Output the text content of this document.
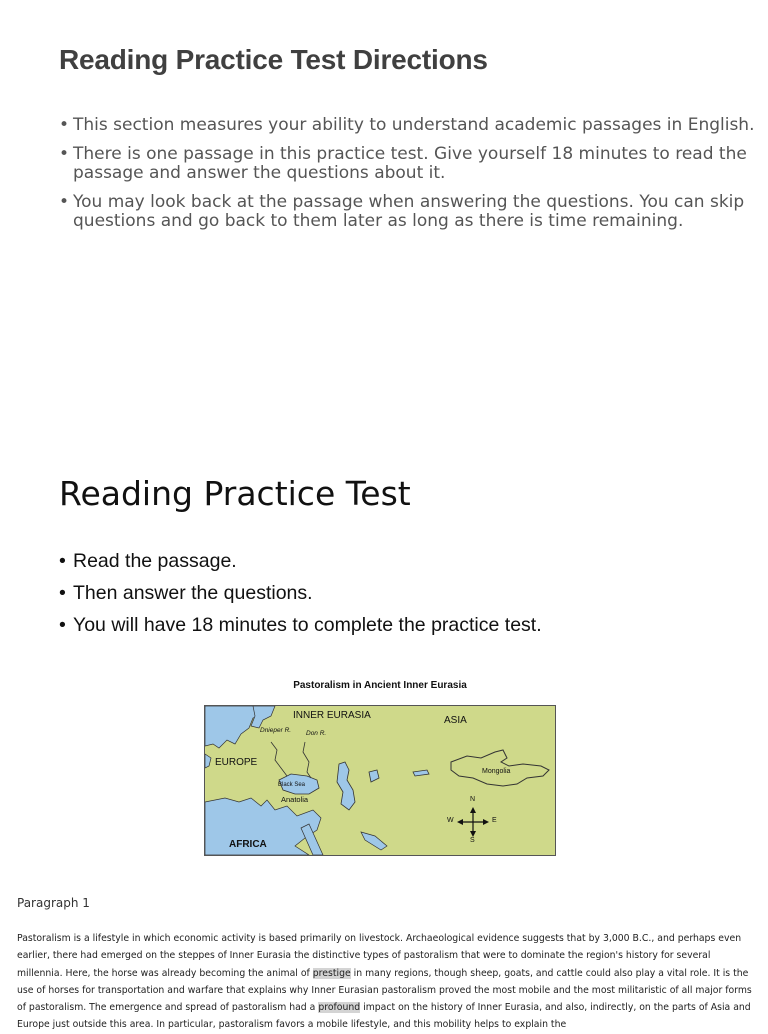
Reading Practice Test Directions
• This section measures your ability to understand academic passages in English.
• There is one passage in this practice test. Give yourself 18 minutes to read the passage and answer the questions about it.
• You may look back at the passage when answering the questions. You can skip questions and go back to them later as long as there is time remaining.
Reading Practice Test
• Read the passage.
• Then answer the questions.
• You will have 18 minutes to complete the practice test.
Pastoralism in Ancient Inner Eurasia
INNER EURASIA	ASIA
EUROPE
AFRICA
Dnieper R. Don R.
Black Sea
Anatolia
Mongolia
N
S
W	E
Paragraph 1

Pastoralism is a lifestyle in which economic activity is based primarily on livestock. Archaeological evidence suggests that by 3,000 B.C., and perhaps even earlier, there had emerged on the steppes of Inner Eurasia the distinctive types of pastoralism that were to dominate the region's history for several millennia. Here, the horse was already becoming the animal of prestige in many regions, though sheep, goats, and cattle could also play a vital role. It is the use of horses for transportation and warfare that explains why Inner Eurasian pastoralism proved the most mobile and the most militaristic of all major forms of pastoralism. The emergence and spread of pastoralism had a profound impact on the history of Inner Eurasia, and also, indirectly, on the parts of Asia and Europe just outside this area. In particular, pastoralism favors a mobile lifestyle, and this mobility helps to explain the
